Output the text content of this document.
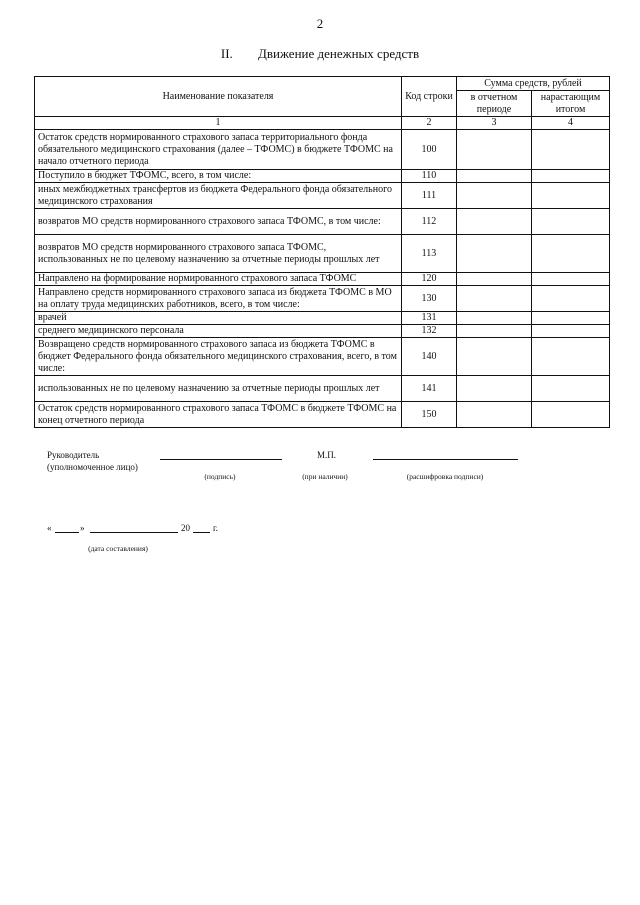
2
II. Движение денежных средств
Наименование показателя	Код строки	Сумма средств, рублей	
		в отчетном периоде	нарастающим итогом
1	2	3	4
Остаток средств нормированного страхового запаса территориального фонда обязательного медицинского страхования (далее – ТФОМС) в бюджете ТФОМС на начало отчетного периода	100		
Поступило в бюджет ТФОМС, всего, в том числе:	110		
иных межбюджетных трансфертов из бюджета Федерального фонда обязательного медицинского страхования	111		
возвратов МО средств нормированного страхового запаса ТФОМС, в том числе:	112		
возвратов МО средств нормированного страхового запаса ТФОМС, использованных не по целевому назначению за отчетные периоды прошлых лет	113		
Направлено на формирование нормированного страхового запаса ТФОМС	120		
Направлено средств нормированного страхового запаса из бюджета ТФОМС в МО на оплату труда медицинских работников, всего, в том числе:	130		
врачей	131		
среднего медицинского персонала	132		
Возвращено средств нормированного страхового запаса из бюджета ТФОМС в бюджет Федерального фонда обязательного медицинского страхования, всего, в том числе:	140		
использованных не по целевому назначению за отчетные периоды прошлых лет	141		
Остаток средств нормированного страхового запаса ТФОМС в бюджете ТФОМС на конец отчетного периода	150		
Руководитель
(уполномоченное лицо)
М.П.
(подпись)	(при наличии)	(расшифровка подписи)
«	»	20	г.
(дата составления)
